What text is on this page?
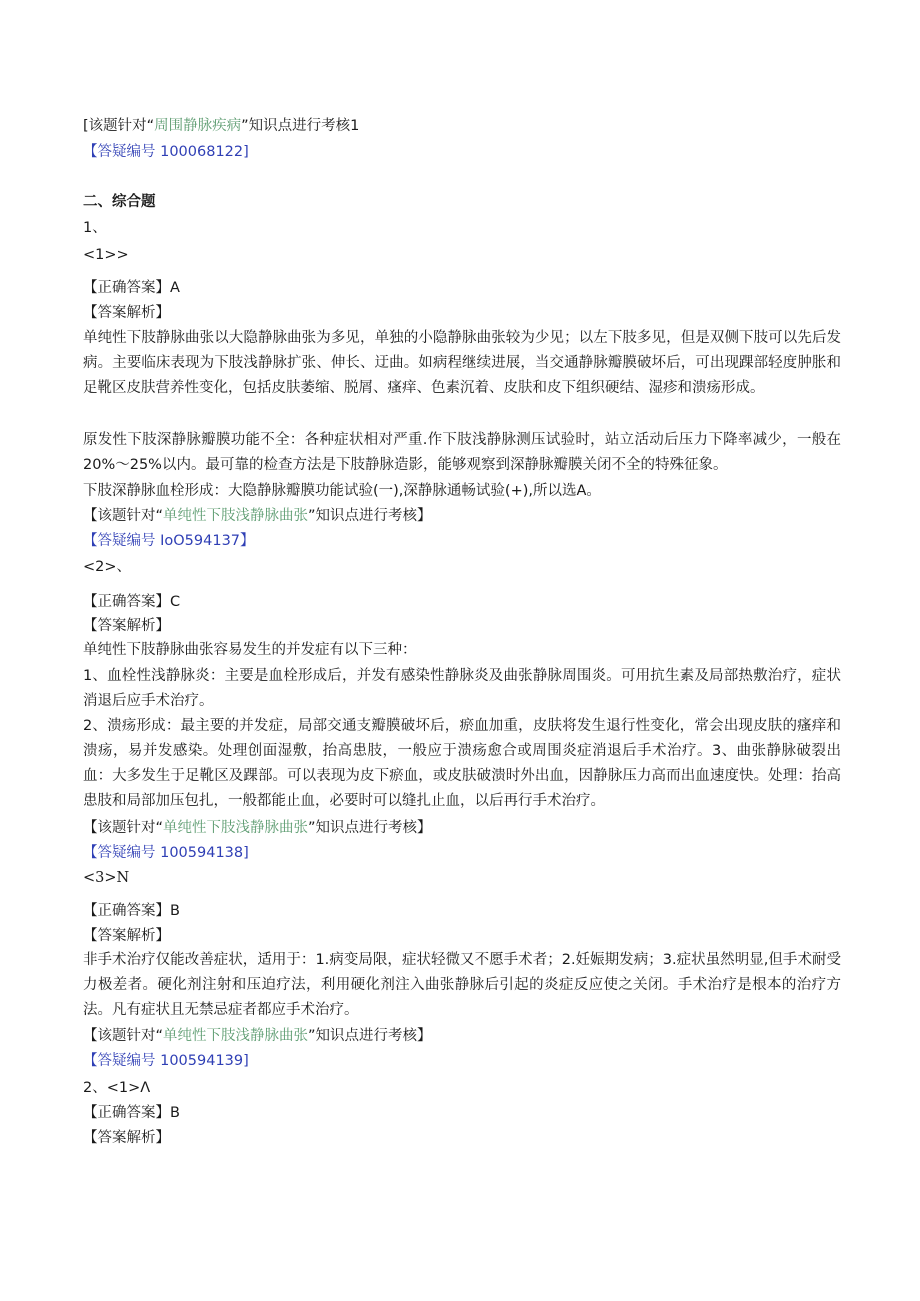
[该题针对“周围静脉疾病”知识点进行考核1
【答疑编号 100068122]
二、综合题
1、
<1>>
【正确答案】A
【答案解析】
单纯性下肢静脉曲张以大隐静脉曲张为多见，单独的小隐静脉曲张较为少见；以左下肢多见，但是双侧下肢可以先后发病。主要临床表现为下肢浅静脉扩张、伸长、迂曲。如病程继续进展，当交通静脉瓣膜破坏后，可出现踝部轻度肿胀和足靴区皮肤营养性变化，包括皮肤萎缩、脱屑、瘙痒、色素沉着、皮肤和皮下组织硬结、湿疹和溃疡形成。
原发性下肢深静脉瓣膜功能不全：各种症状相对严重.作下肢浅静脉测压试验时，站立活动后压力下降率减少，一般在20%～25%以内。最可靠的检查方法是下肢静脉造影，能够观察到深静脉瓣膜关闭不全的特殊征象。
下肢深静脉血栓形成：大隐静脉瓣膜功能试验(一),深静脉通畅试验(+),所以选A。
【该题针对“单纯性下肢浅静脉曲张”知识点进行考核】
【答疑编号 IoO594137】
<2>、
【正确答案】C
【答案解析】
单纯性下肢静脉曲张容易发生的并发症有以下三种：
1、血栓性浅静脉炎：主要是血栓形成后，并发有感染性静脉炎及曲张静脉周围炎。可用抗生素及局部热敷治疗，症状消退后应手术治疗。
2、溃疡形成：最主要的并发症，局部交通支瓣膜破坏后，瘀血加重，皮肤将发生退行性变化，常会出现皮肤的瘙痒和溃疡，易并发感染。处理创面湿敷，抬高患肢，一般应于溃疡愈合或周围炎症消退后手术治疗。3、曲张静脉破裂出血：大多发生于足靴区及踝部。可以表现为皮下瘀血，或皮肤破溃时外出血，因静脉压力高而出血速度快。处理：抬高患肢和局部加压包扎，一般都能止血，必要时可以缝扎止血，以后再行手术治疗。
【该题针对“单纯性下肢浅静脉曲张”知识点进行考核】
【答疑编号 100594138]
<3>N
【正确答案】B
【答案解析】
非手术治疗仅能改善症状，适用于：1.病变局限，症状轻微又不愿手术者；2.妊娠期发病；3.症状虽然明显,但手术耐受力极差者。硬化剂注射和压迫疗法，利用硬化剂注入曲张静脉后引起的炎症反应使之关闭。手术治疗是根本的治疗方法。凡有症状且无禁忌症者都应手术治疗。
【该题针对“单纯性下肢浅静脉曲张”知识点进行考核】
【答疑编号 100594139]
2、<1>Λ
【正确答案】B
【答案解析】
